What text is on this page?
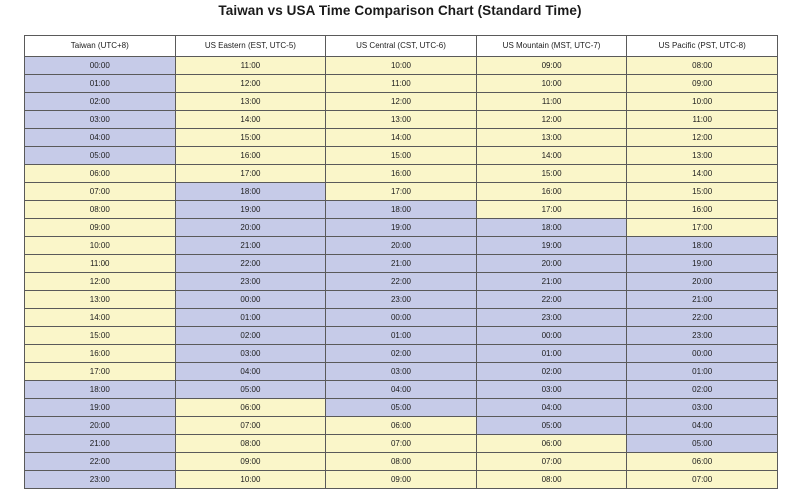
Taiwan vs USA Time Comparison Chart (Standard Time)
Taiwan (UTC+8)	US Eastern (EST, UTC-5)	US Central (CST, UTC-6)	US Mountain (MST, UTC-7)	US Pacific (PST, UTC-8)
00:00	11:00	10:00	09:00	08:00
01:00	12:00	11:00	10:00	09:00
02:00	13:00	12:00	11:00	10:00
03:00	14:00	13:00	12:00	11:00
04:00	15:00	14:00	13:00	12:00
05:00	16:00	15:00	14:00	13:00
06:00	17:00	16:00	15:00	14:00
07:00	18:00	17:00	16:00	15:00
08:00	19:00	18:00	17:00	16:00
09:00	20:00	19:00	18:00	17:00
10:00	21:00	20:00	19:00	18:00
11:00	22:00	21:00	20:00	19:00
12:00	23:00	22:00	21:00	20:00
13:00	00:00	23:00	22:00	21:00
14:00	01:00	00:00	23:00	22:00
15:00	02:00	01:00	00:00	23:00
16:00	03:00	02:00	01:00	00:00
17:00	04:00	03:00	02:00	01:00
18:00	05:00	04:00	03:00	02:00
19:00	06:00	05:00	04:00	03:00
20:00	07:00	06:00	05:00	04:00
21:00	08:00	07:00	06:00	05:00
22:00	09:00	08:00	07:00	06:00
23:00	10:00	09:00	08:00	07:00
